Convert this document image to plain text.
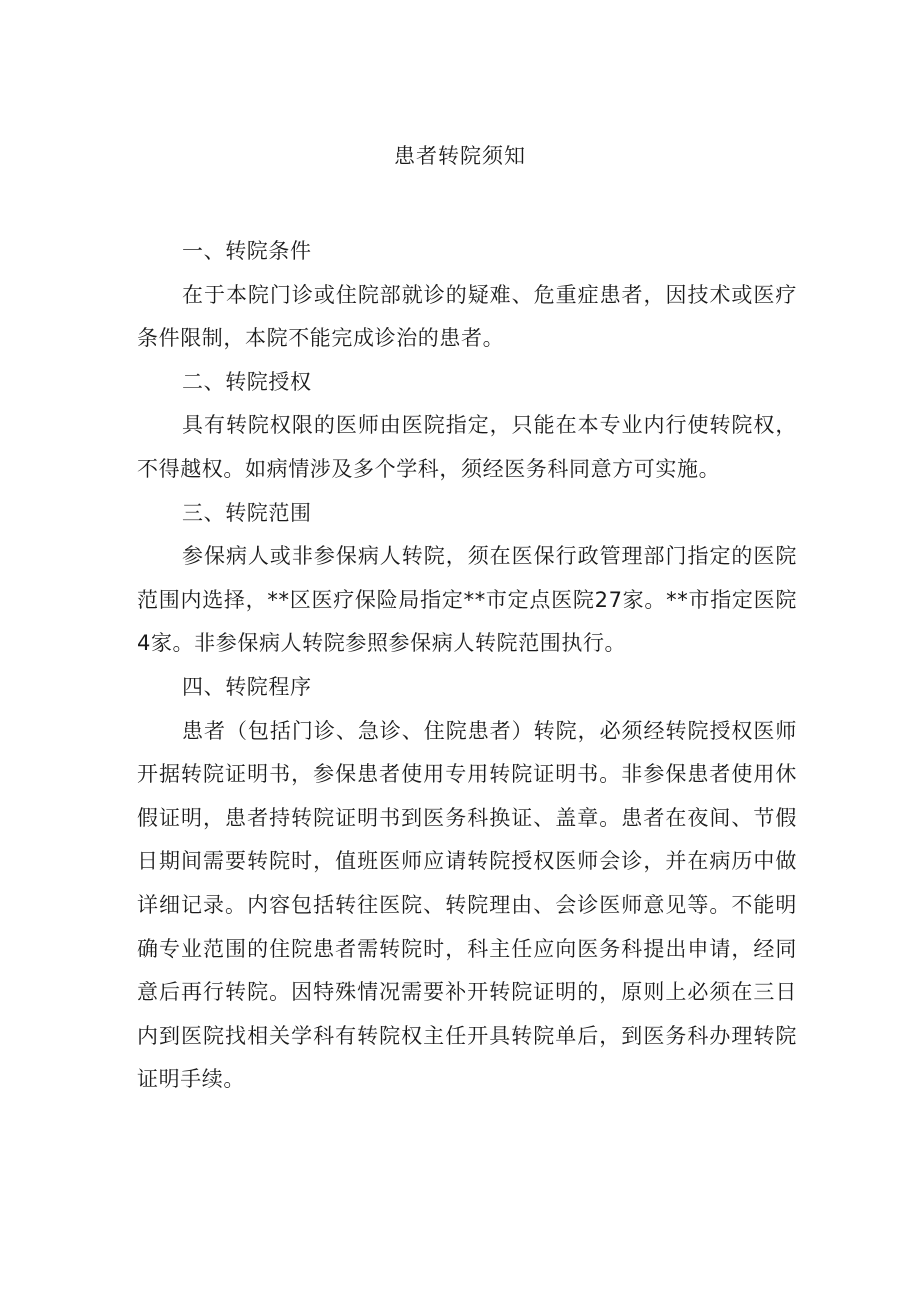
患者转院须知

一、转院条件

在于本院门诊或住院部就诊的疑难、危重症患者，因技术或医疗条件限制，本院不能完成诊治的患者。

二、转院授权

具有转院权限的医师由医院指定，只能在本专业内行使转院权，不得越权。如病情涉及多个学科，须经医务科同意方可实施。

三、转院范围

参保病人或非参保病人转院，须在医保行政管理部门指定的医院范围内选择，**区医疗保险局指定**市定点医院27家。**市指定医院4家。非参保病人转院参照参保病人转院范围执行。

四、转院程序

患者（包括门诊、急诊、住院患者）转院，必须经转院授权医师开据转院证明书，参保患者使用专用转院证明书。非参保患者使用休假证明，患者持转院证明书到医务科换证、盖章。患者在夜间、节假日期间需要转院时，值班医师应请转院授权医师会诊，并在病历中做详细记录。内容包括转往医院、转院理由、会诊医师意见等。不能明确专业范围的住院患者需转院时，科主任应向医务科提出申请，经同意后再行转院。因特殊情况需要补开转院证明的，原则上必须在三日内到医院找相关学科有转院权主任开具转院单后，到医务科办理转院证明手续。
